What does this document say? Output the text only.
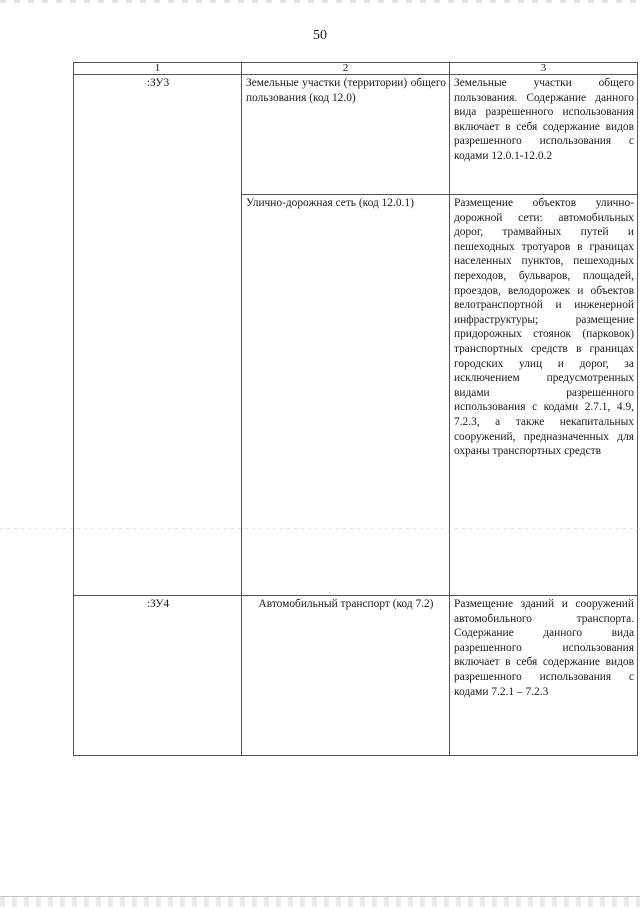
50
1	2	3
:ЗУ3	Земельные участки (территории) общего пользования (код 12.0)	Земельные участки общего пользования. Содержание данного вида разрешенного использования включает в себя содержание видов разрешенного использования с кодами 12.0.1-12.0.2
	Улично-дорожная сеть (код 12.0.1)	Размещение объектов улично-дорожной сети: автомобильных дорог, трамвайных путей и пешеходных тротуаров в границах населенных пунктов, пешеходных переходов, бульваров, площадей, проездов, велодорожек и объектов велотранспортной и инженерной инфраструктуры; размещение придорожных стоянок (парковок) транспортных средств в границах городских улиц и дорог, за исключением предусмотренных видами разрешенного использования с кодами 2.7.1, 4.9, 7.2.3, а также некапитальных сооружений, предназначенных для охраны транспортных средств
:ЗУ4	Автомобильный транспорт (код 7.2)	Размещение зданий и сооружений автомобильного транспорта. Содержание данного вида разрешенного использования включает в себя содержание видов разрешенного использования с кодами 7.2.1 – 7.2.3
